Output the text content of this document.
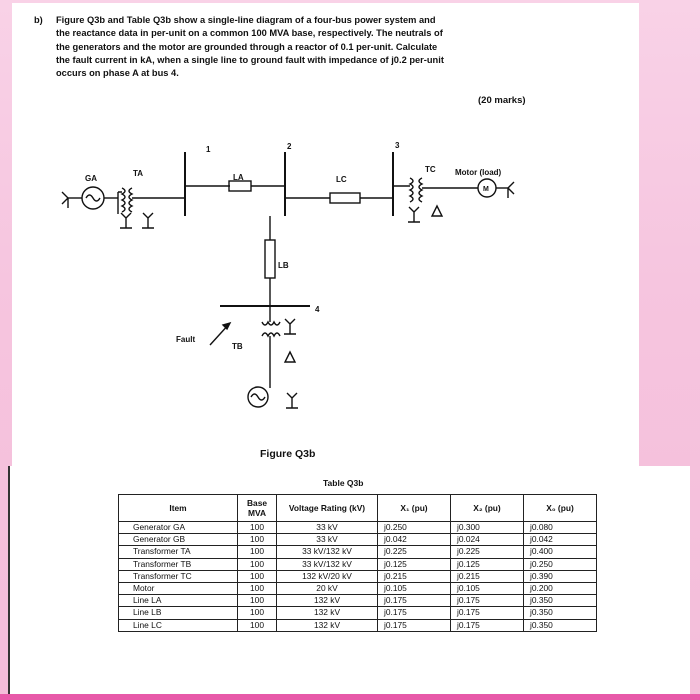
b) Figure Q3b and Table Q3b show a single-line diagram of a four-bus power system and
the reactance data in per-unit on a common 100 MVA base, respectively. The neutrals of
the generators and the motor are grounded through a reactor of 0.1 per-unit. Calculate
the fault current in kA, when a single line to ground fault with impedance of j0.2 per-unit
occurs on phase A at bus 4.
(20 marks)
GA
TA
1	2	3
4
LA	LC
TC Motor (load)
M
LB
TB
Fault
Figure Q3b
Table Q3b
Item	Base MVA	Voltage Rating (kV)	X₁ (pu)	X₂ (pu)	X₀ (pu)
Generator GA	100	33 kV	j0.250	j0.300	j0.080
Generator GB	100	33 kV	j0.042	j0.024	j0.042
Transformer TA	100	33 kV/132 kV	j0.225	j0.225	j0.400
Transformer TB	100	33 kV/132 kV	j0.125	j0.125	j0.250
Transformer TC	100	132 kV/20 kV	j0.215	j0.215	j0.390
Motor	100	20 kV	j0.105	j0.105	j0.200
Line LA	100	132 kV	j0.175	j0.175	j0.350
Line LB	100	132 kV	j0.175	j0.175	j0.350
Line LC	100	132 kV	j0.175	j0.175	j0.350
